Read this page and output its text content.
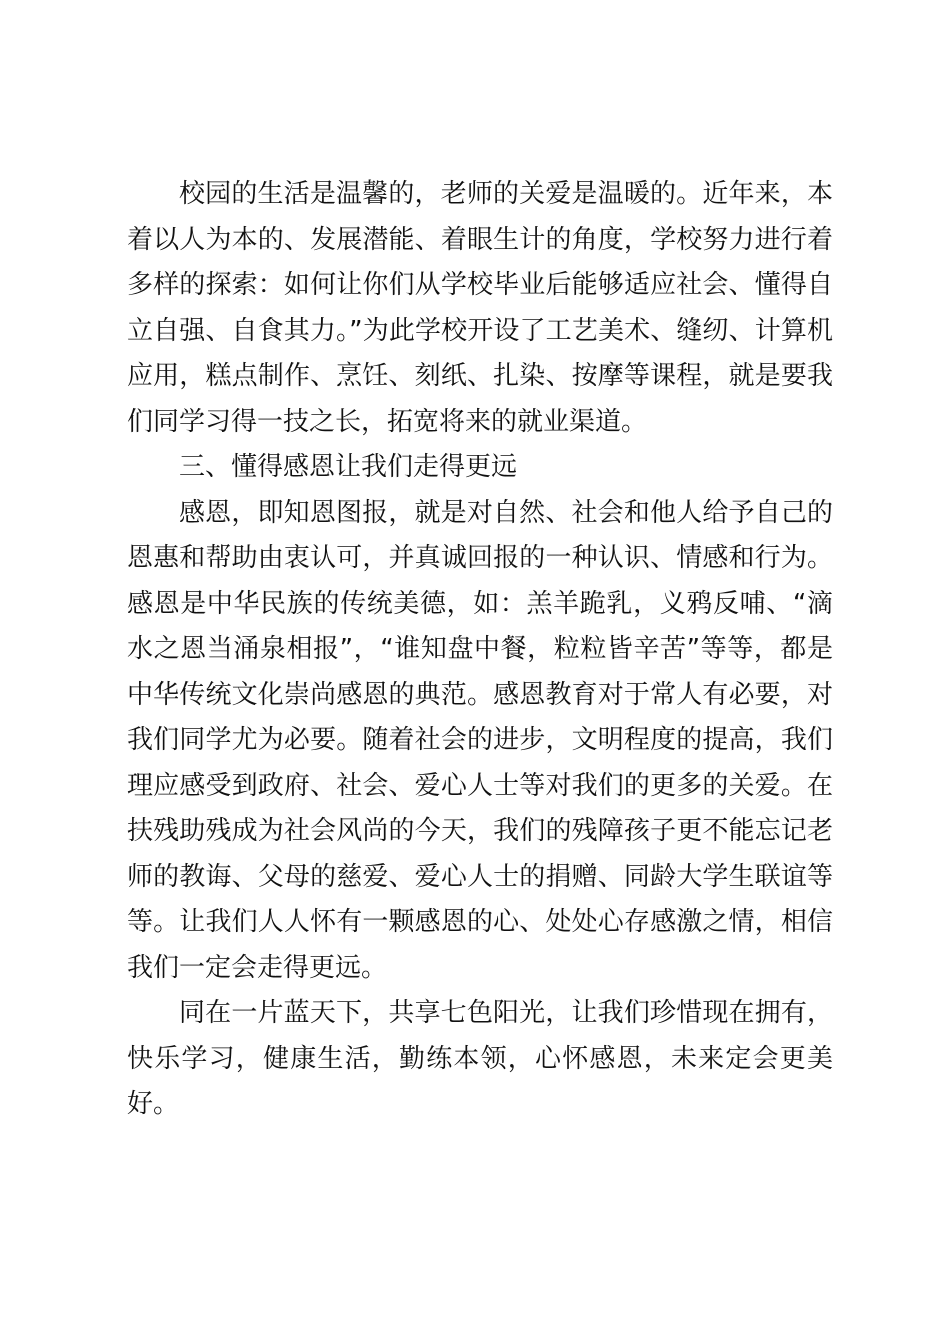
校园的生活是温馨的，老师的关爱是温暖的。近年来，本着以人为本的、发展潜能、着眼生计的角度，学校努力进行着多样的探索：如何让你们从学校毕业后能够适应社会、懂得自立自强、自食其力。”为此学校开设了工艺美术、缝纫、计算机应用，糕点制作、烹饪、刻纸、扎染、按摩等课程，就是要我们同学习得一技之长，拓宽将来的就业渠道。

三、懂得感恩让我们走得更远

感恩，即知恩图报，就是对自然、社会和他人给予自己的恩惠和帮助由衷认可，并真诚回报的一种认识、情感和行为。感恩是中华民族的传统美德，如：羔羊跪乳，义鸦反哺、“滴水之恩当涌泉相报”，“谁知盘中餐，粒粒皆辛苦”等等，都是中华传统文化崇尚感恩的典范。感恩教育对于常人有必要，对我们同学尤为必要。随着社会的进步，文明程度的提高，我们理应感受到政府、社会、爱心人士等对我们的更多的关爱。在扶残助残成为社会风尚的今天，我们的残障孩子更不能忘记老师的教诲、父母的慈爱、爱心人士的捐赠、同龄大学生联谊等等。让我们人人怀有一颗感恩的心、处处心存感激之情，相信我们一定会走得更远。

同在一片蓝天下，共享七色阳光，让我们珍惜现在拥有，快乐学习，健康生活，勤练本领，心怀感恩，未来定会更美好。
